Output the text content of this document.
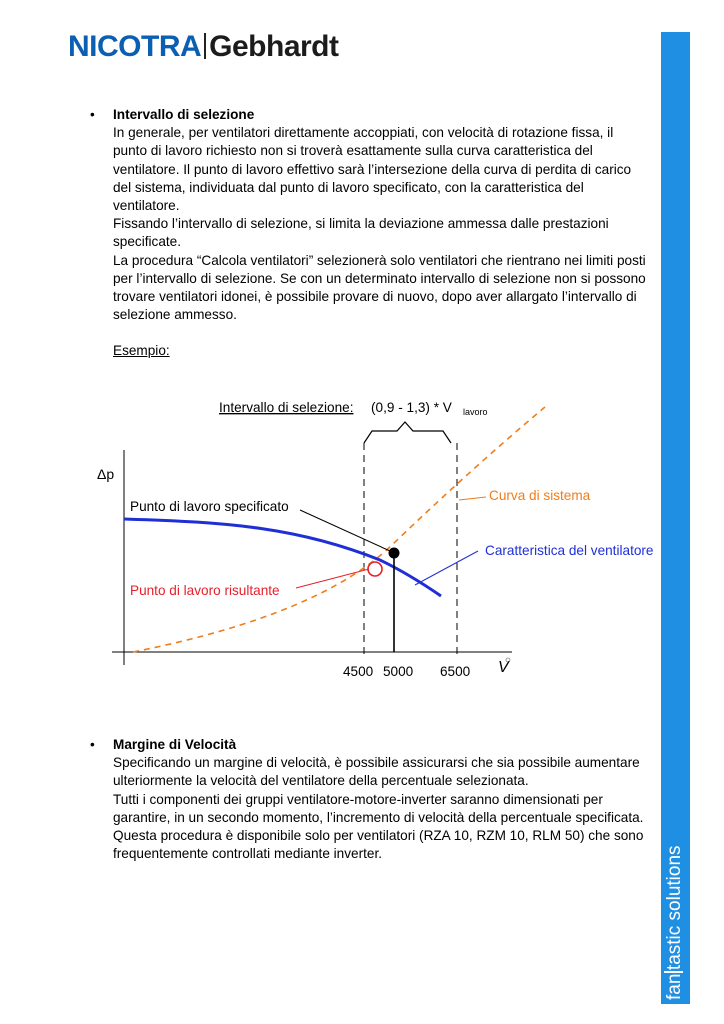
NICOTRA Gebhardt
fantastic solutions
• Intervallo di selezione

In generale, per ventilatori direttamente accoppiati, con velocità di rotazione fissa, il punto di lavoro richiesto non si troverà esattamente sulla curva caratteristica del ventilatore. Il punto di lavoro effettivo sarà l’intersezione della curva di perdita di carico del sistema, individuata dal punto di lavoro specificato, con la caratteristica del ventilatore.

Fissando l’intervallo di selezione, si limita la deviazione ammessa dalle prestazioni specificate.

La procedura “Calcola ventilatori” selezionerà solo ventilatori che rientrano nei limiti posti per l’intervallo di selezione. Se con un determinato intervallo di selezione non si possono trovare ventilatori idonei, è possibile provare di nuovo, dopo aver allargato l’intervallo di selezione ammesso.

Esempio:

Intervallo di selezione: (0,9 - 1,3) * V lavoro
Δp
V
4500 5000 6500
Punto di lavoro specificato
Punto di lavoro risultante
Curva di sistema
Caratteristica del ventilatore
• Margine di Velocità

Specificando un margine di velocità, è possibile assicurarsi che sia possibile aumentare ulteriormente la velocità del ventilatore della percentuale selezionata.

Tutti i componenti dei gruppi ventilatore-motore-inverter saranno dimensionati per garantire, in un secondo momento, l’incremento di velocità della percentuale specificata.

Questa procedura è disponibile solo per ventilatori (RZA 10, RZM 10, RLM 50) che sono frequentemente controllati mediante inverter.
